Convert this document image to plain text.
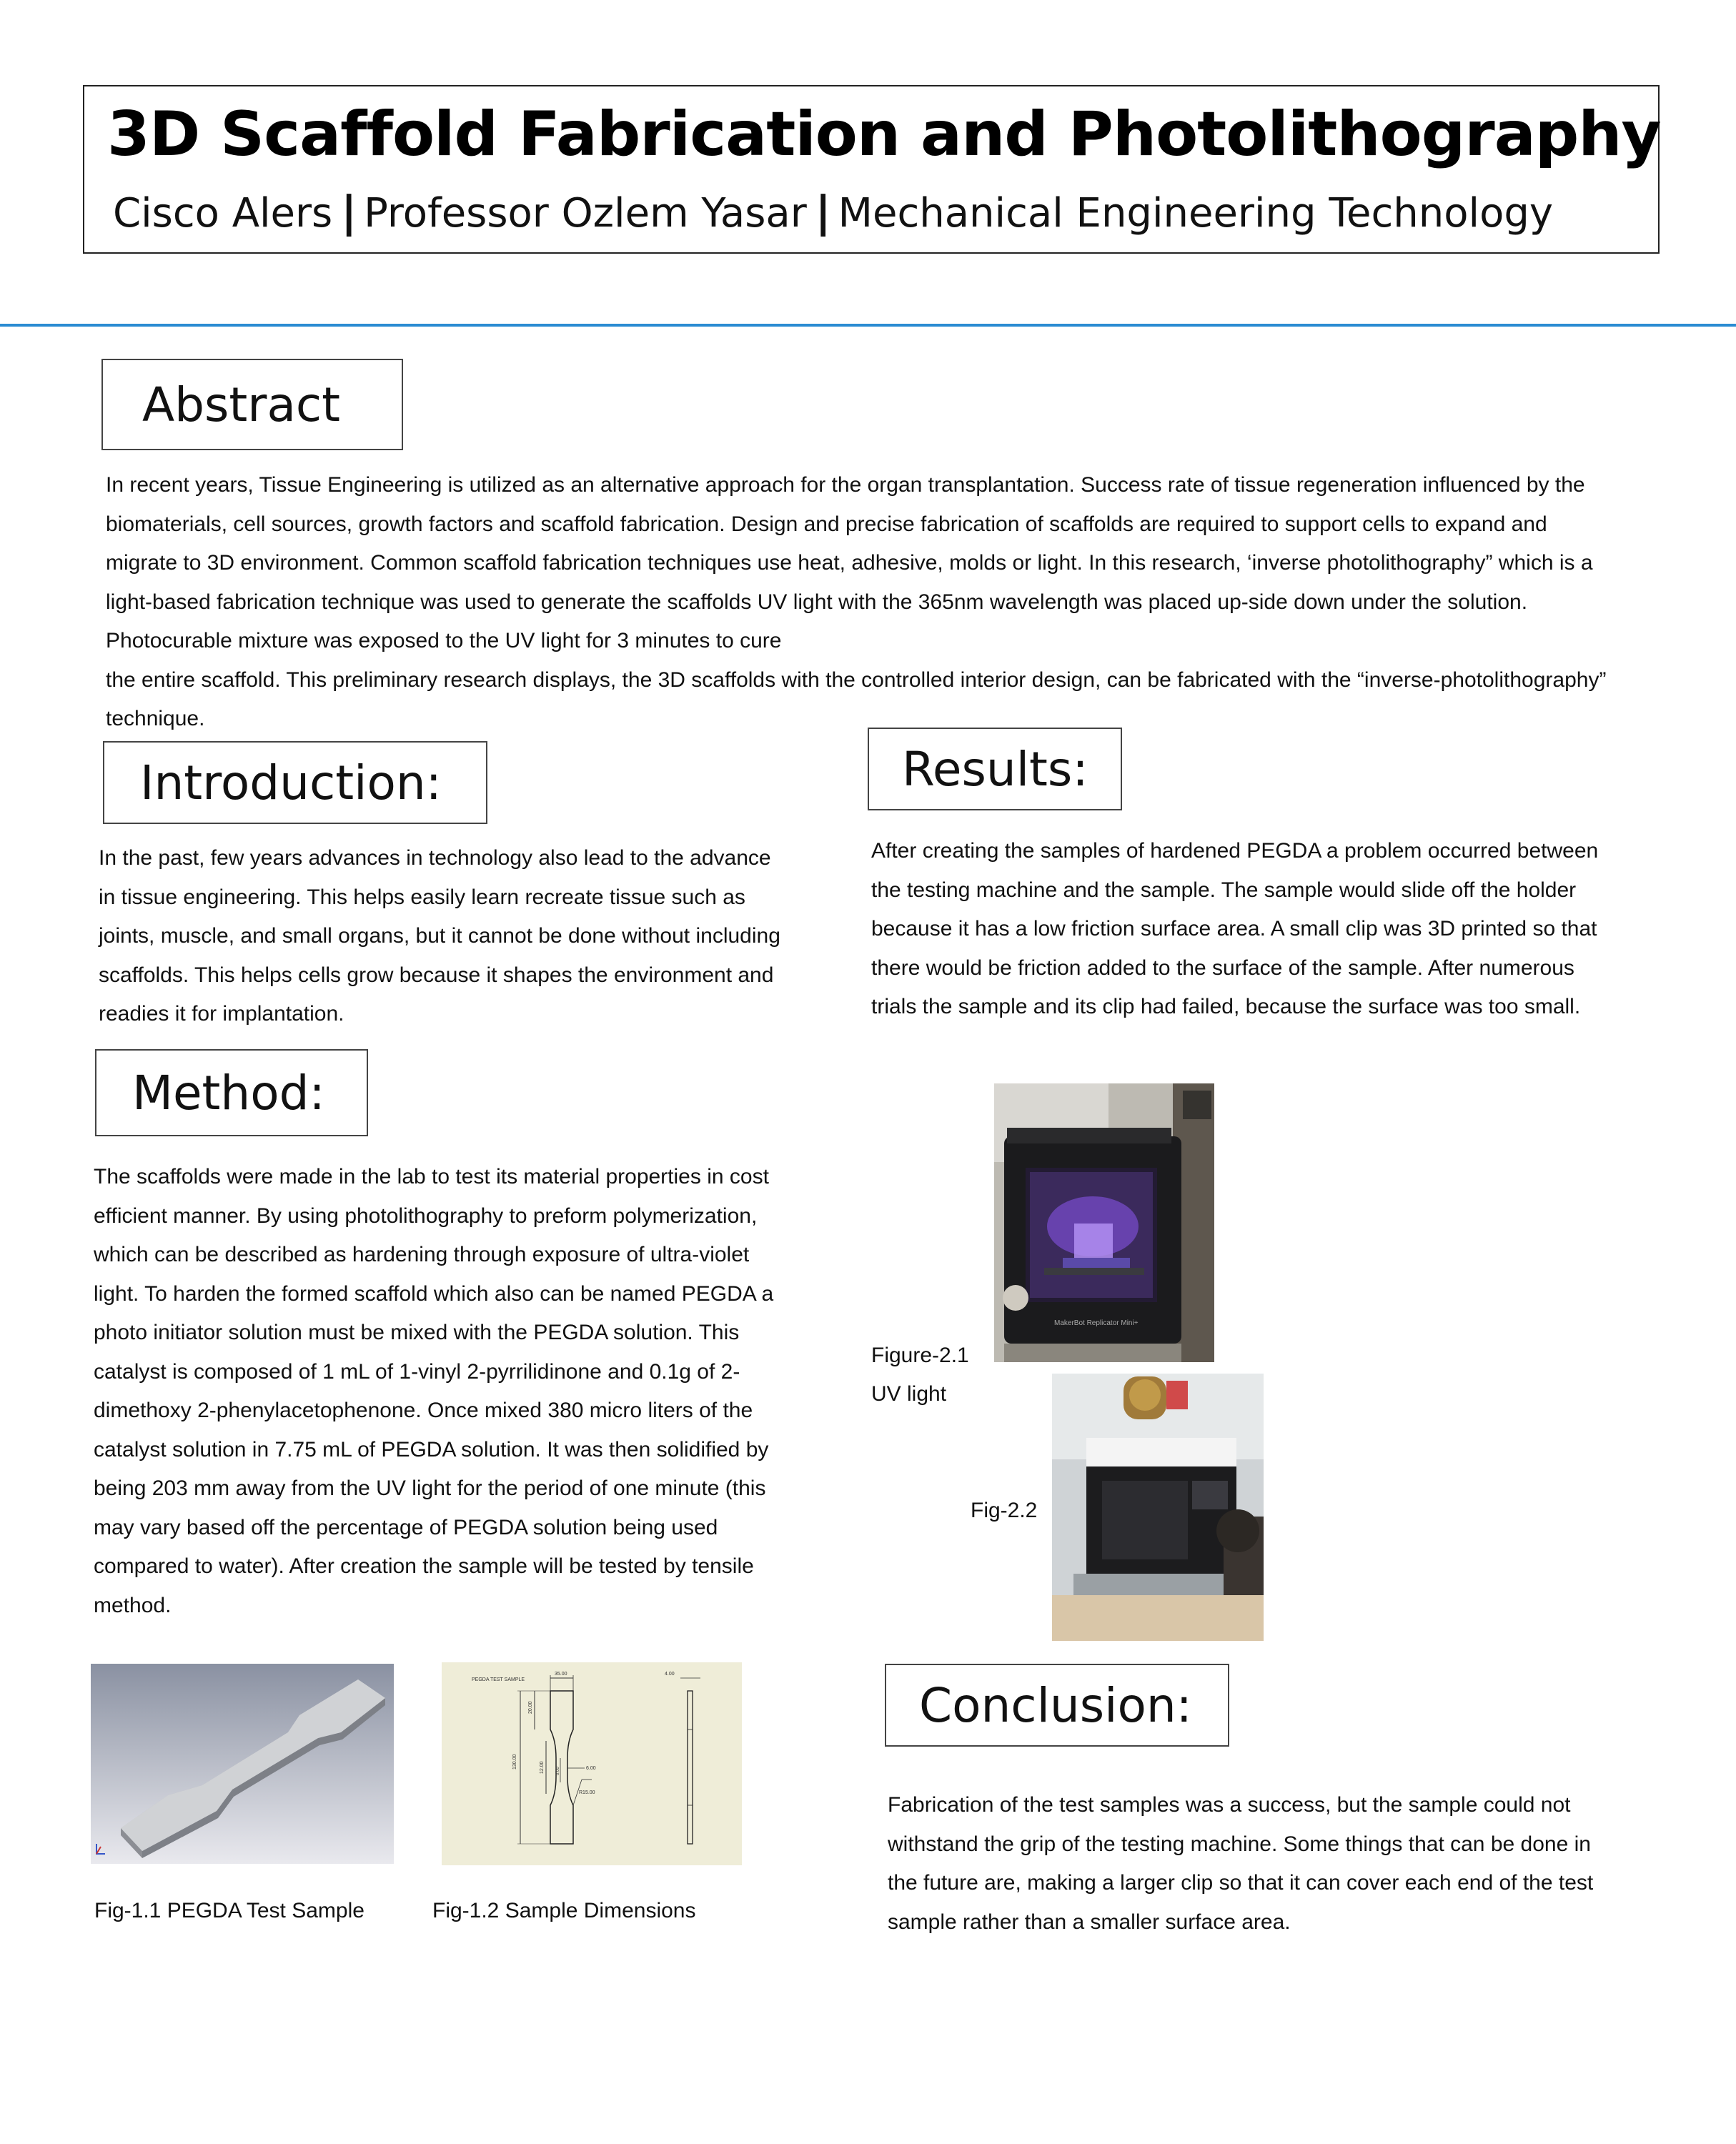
3D Scaffold Fabrication and Photolithography
Cisco Alers | Professor Ozlem Yasar | Mechanical Engineering Technology
Abstract

In recent years, Tissue Engineering is utilized as an alternative approach for the organ transplantation. Success rate of tissue regeneration influenced by the biomaterials, cell sources, growth factors and scaffold fabrication. Design and precise fabrication of scaffolds are required to support cells to expand and migrate to 3D environment. Common scaffold fabrication techniques use heat, adhesive, molds or light. In this research, ‘inverse photolithography” which is a light-based fabrication technique was used to generate the scaffolds UV light with the 365nm wavelength was placed up-side down under the solution. Photocurable mixture was exposed to the UV light for 3 minutes to cure

the entire scaffold. This preliminary research displays, the 3D scaffolds with the controlled interior design, can be fabricated with the “inverse-photolithography” technique.

Introduction:
In the past, few years advances in technology also lead to the advance in tissue engineering. This helps easily learn recreate tissue such as joints, muscle, and small organs, but it cannot be done without including scaffolds. This helps cells grow because it shapes the environment and readies it for implantation.
Method:
The scaffolds were made in the lab to test its material properties in cost efficient manner. By using photolithography to preform polymerization, which can be described as hardening through exposure of ultra-violet light. To harden the formed scaffold which also can be named PEGDA a photo initiator solution must be mixed with the PEGDA solution. This catalyst is composed of 1 mL of 1-vinyl 2-pyrrilidinone and 0.1g of 2-dimethoxy 2-phenylacetophenone. Once mixed 380 micro liters of the catalyst solution in 7.75 mL of PEGDA solution. It was then solidified by being 203 mm away from the UV light for the period of one minute (this may vary based off the percentage of PEGDA solution being used compared to water). After creation the sample will be tested by tensile method.
PEGDA TEST SAMPLE
35.00
130.00
20.00
12.00	0.00	6.00
R15.00
4.00
Fig-1.1 PEGDA Test Sample	Fig-1.2 Sample Dimensions
Results:
After creating the samples of hardened PEGDA a problem occurred between the testing machine and the sample. The sample would slide off the holder because it has a low friction surface area. A small clip was 3D printed so that there would be friction added to the surface of the sample. After numerous trials the sample and its clip had failed, because the surface was too small.
MakerBot Replicator Mini+
Figure-2.1
UV light
Fig-2.2
Conclusion:
Fabrication of the test samples was a success, but the sample could not withstand the grip of the testing machine. Some things that can be done in the future are, making a larger clip so that it can cover each end of the test sample rather than a smaller surface area.
